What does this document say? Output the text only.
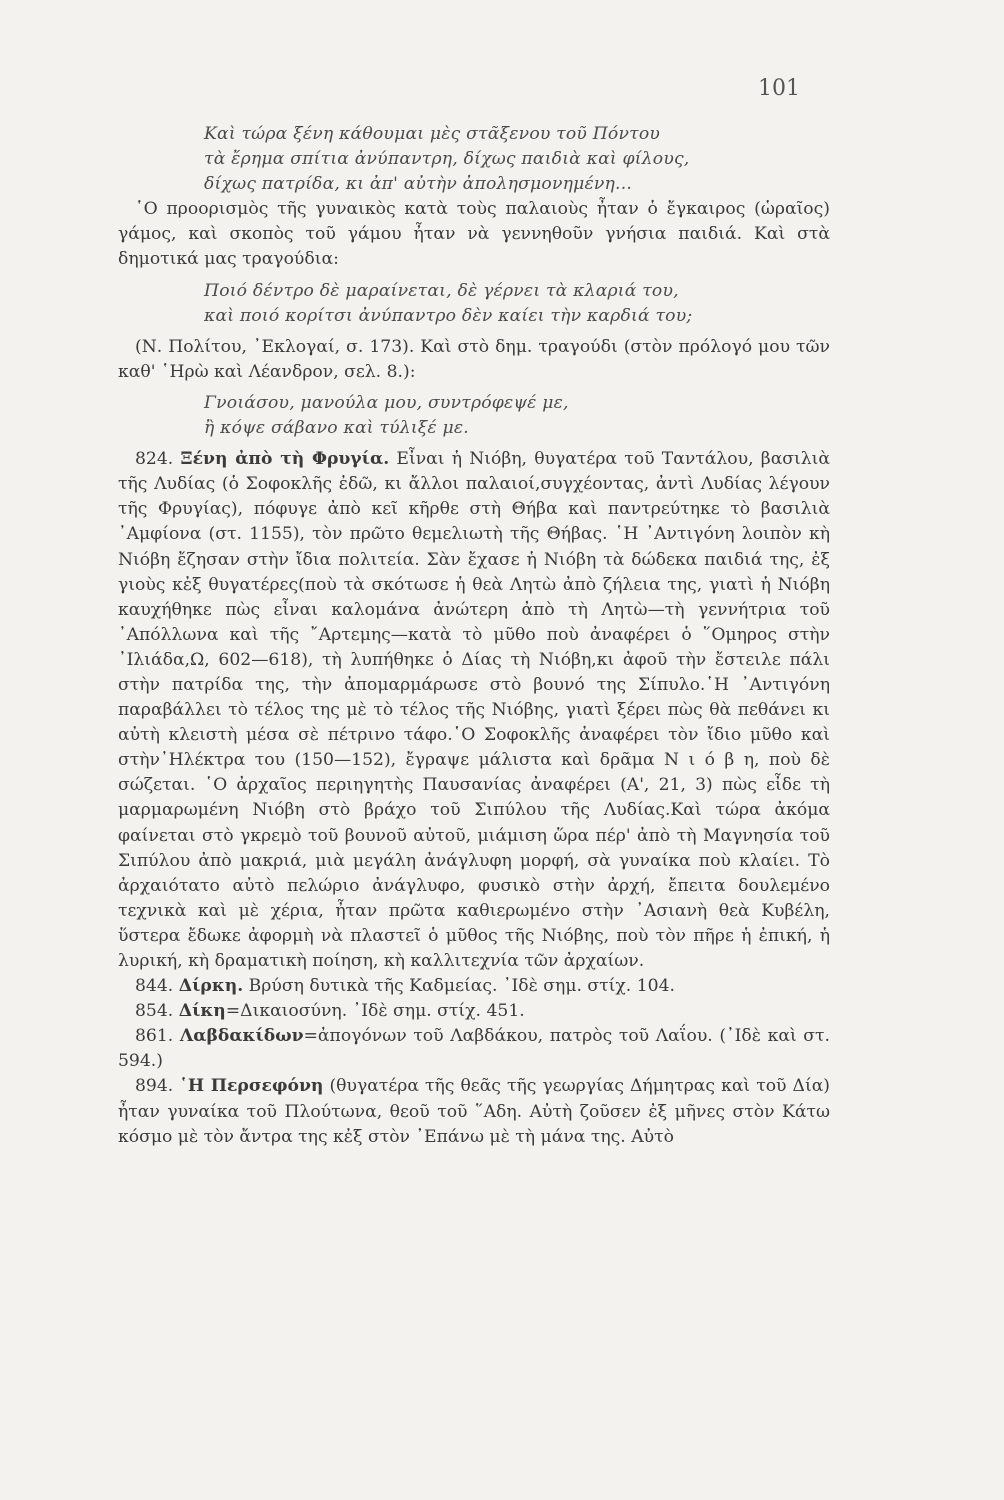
101
Καὶ τώρα ξένη κάθουμαι μὲς στᾶξενου τοῦ Πόντου
τὰ ἔρημα σπίτια ἀνύπαντρη, δίχως παιδιὰ καὶ φίλους,
δίχως πατρίδα, κι ἀπ' αὐτὴν ἀπολησμονημένη...
῾Ο προορισμὸς τῆς γυναικὸς κατὰ τοὺς παλαιοὺς ἦταν ὁ ἔγκαιρος (ὡραῖος) γάμος, καὶ σκοπὸς τοῦ γάμου ἦταν νὰ γεννηθοῦν γνήσια παιδιά. Καὶ στὰ δημοτικά μας τραγούδια:
Ποιό δέντρο δὲ μαραίνεται, δὲ γέρνει τὰ κλαριά του,
καὶ ποιό κορίτσι ἀνύπαντρο δὲν καίει τὴν καρδιά του;
(Ν. Πολίτου, ᾿Εκλογαί, σ. 173). Καὶ στὸ δημ. τραγούδι (στὸν πρόλογό μου τῶν καθ' ῾Ηρὼ καὶ Λέανδρον, σελ. 8.):
Γνοιάσου, μανούλα μου, συντρόφεψέ με,
ἢ κόψε σάβανο καὶ τύλιξέ με.
824. Ξένη ἀπὸ τὴ Φρυγία. Εἶναι ἡ Νιόβη, θυγατέρα τοῦ Ταντάλου, βασιλιὰ τῆς Λυδίας (ὁ Σοφοκλῆς ἐδῶ, κι ἄλλοι παλαιοί,συγχέοντας, ἀντὶ Λυδίας λέγουν τῆς Φρυγίας), πόφυγε ἀπὸ κεῖ κῆρθε στὴ Θήβα καὶ παντρεύτηκε τὸ βασιλιὰ ᾿Αμφίονα (στ. 1155), τὸν πρῶτο θεμελιωτὴ τῆς Θήβας. ῾Η ᾿Αντιγόνη λοιπὸν κὴ Νιόβη ἔζησαν στὴν ἴδια πολιτεία. Σὰν ἔχασε ἡ Νιόβη τὰ δώδεκα παιδιά της, ἐξ γιοὺς κἐξ θυγατέρες(ποὺ τὰ σκότωσε ἡ θεὰ Λητὼ ἀπὸ ζήλεια της, γιατὶ ἡ Νιόβη καυχήθηκε πὼς εἶναι καλομάνα ἀνώτερη ἀπὸ τὴ Λητὼ—τὴ γεννήτρια τοῦ ᾿Απόλλωνα καὶ τῆς ῎Αρτεμης—κατὰ τὸ μῦθο ποὺ ἀναφέρει ὁ ῞Ομηρος στὴν ᾿Ιλιάδα,Ω, 602—618), τὴ λυπήθηκε ὁ Δίας τὴ Νιόβη,κι ἀφοῦ τὴν ἔστειλε πάλι στὴν πατρίδα της, τὴν ἀπομαρμάρωσε στὸ βουνό της Σίπυλο.῾Η ᾿Αντιγόνη παραβάλλει τὸ τέλος της μὲ τὸ τέλος τῆς Νιόβης, γιατὶ ξέρει πὼς θὰ πεθάνει κι αὐτὴ κλειστὴ μέσα σὲ πέτρινο τάφο.῾Ο Σοφοκλῆς ἀναφέρει τὸν ἴδιο μῦθο καὶ στὴν᾿Ηλέκτρα του (150—152), ἔγραψε μάλιστα καὶ δρᾶμα Ν ι ό β η, ποὺ δὲ σώζεται. ῾Ο ἀρχαῖος περιηγητὴς Παυσανίας ἀναφέρει (Α', 21, 3) πὼς εἶδε τὴ μαρμαρωμένη Νιόβη στὸ βράχο τοῦ Σιπύλου τῆς Λυδίας.Καὶ τώρα ἀκόμα φαίνεται στὸ γκρεμὸ τοῦ βουνοῦ αὐτοῦ, μιάμιση ὥρα πέρ' ἀπὸ τὴ Μαγνησία τοῦ Σιπύλου ἀπὸ μακριά, μιὰ μεγάλη ἀνάγλυφη μορφή, σὰ γυναίκα ποὺ κλαίει. Τὸ ἀρχαιότατο αὐτὸ πελώριο ἀνάγλυφο, φυσικὸ στὴν ἀρχή, ἔπειτα δουλεμένο τεχνικὰ καὶ μὲ χέρια, ἦταν πρῶτα καθιερωμένο στὴν ᾿Ασιανὴ θεὰ Κυβέλη, ὕστερα ἔδωκε ἀφορμὴ νὰ πλαστεῖ ὁ μῦθος τῆς Νιόβης, ποὺ τὸν πῆρε ἡ ἐπική, ἡ λυρική, κὴ δραματικὴ ποίηση, κὴ καλλιτεχνία τῶν ἀρχαίων.
844. Δίρκη. Βρύση δυτικὰ τῆς Καδμείας. ᾿Ιδὲ σημ. στίχ. 104.
854. Δίκη=Δικαιοσύνη. ᾿Ιδὲ σημ. στίχ. 451.
861. Λαβδακίδων=ἀπογόνων τοῦ Λαβδάκου, πατρὸς τοῦ Λαΐου. (᾿Ιδὲ καὶ στ. 594.)
894. ῾Η Περσεφόνη (θυγατέρα τῆς θεᾶς τῆς γεωργίας Δήμητρας καὶ τοῦ Δία) ἦταν γυναίκα τοῦ Πλούτωνα, θεοῦ τοῦ ῞Αδη. Αὐτὴ ζοῦσεν ἐξ μῆνες στὸν Κάτω κόσμο μὲ τὸν ἄντρα της κἐξ στὸν ᾿Επάνω μὲ τὴ μάνα της. Αὐτὸ
